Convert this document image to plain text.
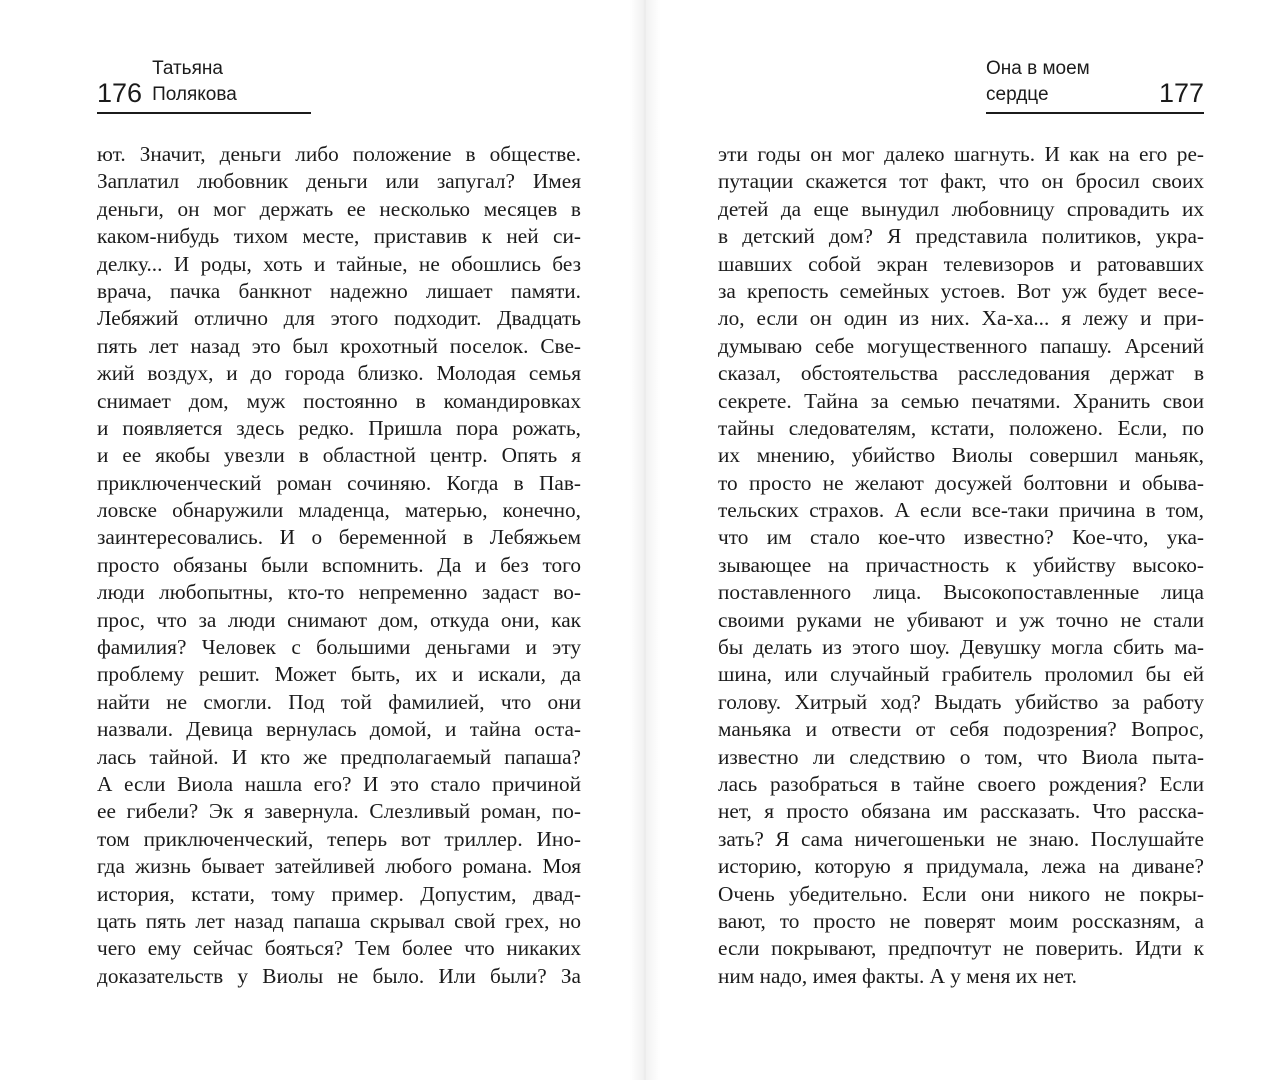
176
Татьяна Полякова
ют. Значит, деньги либо положение в обществе.
Заплатил любовник деньги или запугал? Имея
деньги, он мог держать ее несколько месяцев в
каком-нибудь тихом месте, приставив к ней си-
делку... И роды, хоть и тайные, не обошлись без
врача, пачка банкнот надежно лишает памяти.
Лебяжий отлично для этого подходит. Двадцать
пять лет назад это был крохотный поселок. Све-
жий воздух, и до города близко. Молодая семья
снимает дом, муж постоянно в командировках
и появляется здесь редко. Пришла пора рожать,
и ее якобы увезли в областной центр. Опять я
приключенческий роман сочиняю. Когда в Пав-
ловске обнаружили младенца, матерью, конечно,
заинтересовались. И о беременной в Лебяжьем
просто обязаны были вспомнить. Да и без того
люди любопытны, кто-то непременно задаст во-
прос, что за люди снимают дом, откуда они, как
фамилия? Человек с большими деньгами и эту
проблему решит. Может быть, их и искали, да
найти не смогли. Под той фамилией, что они
назвали. Девица вернулась домой, и тайна оста-
лась тайной. И кто же предполагаемый папаша?
А если Виола нашла его? И это стало причиной
ее гибели? Эк я завернула. Слезливый роман, по-
том приключенческий, теперь вот триллер. Ино-
гда жизнь бывает затейливей любого романа. Моя
история, кстати, тому пример. Допустим, двад-
цать пять лет назад папаша скрывал свой грех, но
чего ему сейчас бояться? Тем более что никаких
доказательств у Виолы не было. Или были? За
Она в моем сердце	177
эти годы он мог далеко шагнуть. И как на его ре-
путации скажется тот факт, что он бросил своих
детей да еще вынудил любовницу спровадить их
в детский дом? Я представила политиков, укра-
шавших собой экран телевизоров и ратовавших
за крепость семейных устоев. Вот уж будет весе-
ло, если он один из них. Ха-ха... я лежу и при-
думываю себе могущественного папашу. Арсений
сказал, обстоятельства расследования держат в
секрете. Тайна за семью печатями. Хранить свои
тайны следователям, кстати, положено. Если, по
их мнению, убийство Виолы совершил маньяк,
то просто не желают досужей болтовни и обыва-
тельских страхов. А если все-таки причина в том,
что им стало кое-что известно? Кое-что, ука-
зывающее на причастность к убийству высоко-
поставленного лица. Высокопоставленные лица
своими руками не убивают и уж точно не стали
бы делать из этого шоу. Девушку могла сбить ма-
шина, или случайный грабитель проломил бы ей
голову. Хитрый ход? Выдать убийство за работу
маньяка и отвести от себя подозрения? Вопрос,
известно ли следствию о том, что Виола пыта-
лась разобраться в тайне своего рождения? Если
нет, я просто обязана им рассказать. Что расска-
зать? Я сама ничегошеньки не знаю. Послушайте
историю, которую я придумала, лежа на диване?
Очень убедительно. Если они никого не покры-
вают, то просто не поверят моим россказням, а
если покрывают, предпочтут не поверить. Идти к
ним надо, имея факты. А у меня их нет.
